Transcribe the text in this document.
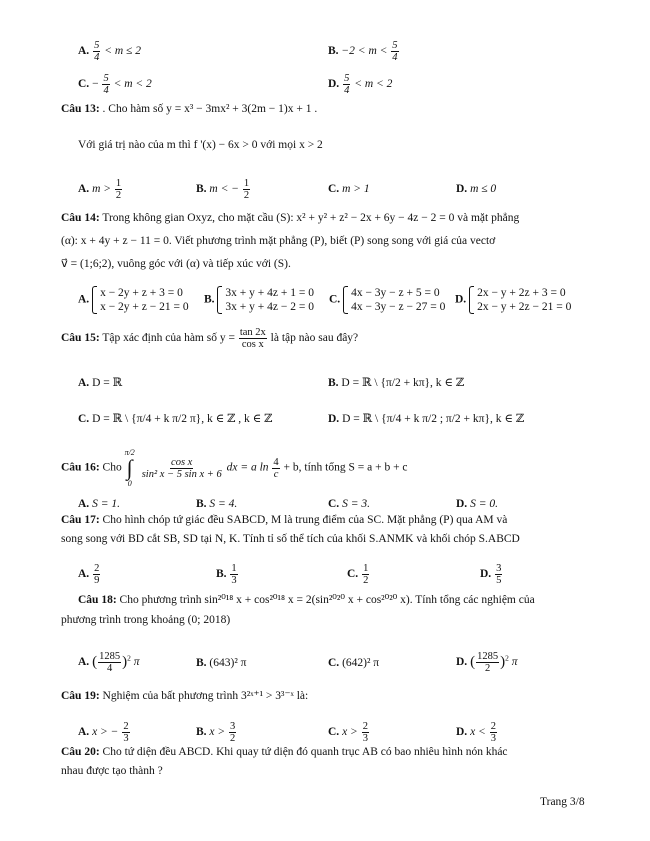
A. $\frac{5}{4} < m \le 2$	B. $-2 < m < \frac{5}{4}$
C. − $\frac{5}{4} < m < 2$	D. $\frac{5}{4} < m < 2$
Câu 13: . Cho hàm số y = x³ − 3mx² + 3(2m − 1)x + 1 .
Với giá trị nào của m thì f '(x) − 6x > 0 với mọi x > 2
A. $m > \frac{1}{2}$	B. m < − $\frac{1}{2}$	C. m > 1	D. m ≤ 0
Câu 14: Trong không gian Oxyz, cho mặt cầu (S): x² + y² + z² − 2x + 6y − 4z − 2 = 0 và mặt phẳng
(α): x + 4y + z − 11 = 0. Viết phương trình mặt phẳng (P), biết (P) song song với giá của vectơ
v⃗ = (1;6;2), vuông góc với (α) và tiếp xúc với (S).
A.
x − 2y + z + 3 = 0
x − 2y + z − 21 = 0
B.
3x + y + 4z + 1 = 0
3x + y + 4z − 2 = 0
C.
4x − 3y − z + 5 = 0
4x − 3y − z − 27 = 0
D.
2x − y + 2z + 3 = 0
2x − y + 2z − 21 = 0
Câu 15: Tập xác định của hàm số $y = \frac{\tan 2x}{\text{cos x}}$ là tập nào sau đây?
A. D = ℝ	B. D = ℝ \ {π/2 + kπ}, k ∈ ℤ
C. D = ℝ \ {π/4 + k π/2 π}, k ∈ ℤ , k ∈ ℤ	D. D = ℝ \ {π/4 + k π/2 ; π/2 + kπ}, k ∈ ℤ
Câu 16: Cho
π/2
∫
0

$\frac{\text{cos x}}{\text{sin² x − 5 sin x + 6}}$ dx = a $\ln \frac{4}{c} + b$, tính tổng S = a + b + c
A. S = 1.	B. S = 4.	C. S = 3.	D. S = 0.
Câu 17: Cho hình chóp tứ giác đều SABCD, M là trung điểm của SC. Mặt phẳng (P) qua AM và
song song với BD cắt SB, SD tại N, K. Tính tỉ số thể tích của khối S.ANMK và khối chóp S.ABCD
A. $\frac{2}{9}$	B. $\frac{1}{3}$	C. $\frac{1}{2}$	D. $\frac{3}{5}$
Câu 18: Cho phương trình sin²⁰¹⁸ x + cos²⁰¹⁸ x = 2(sin²⁰²⁰ x + cos²⁰²⁰ x). Tính tổng các nghiệm của
phương trình trong khoảng (0; 2018)
A. ( $\frac{1285}{4} )^2$ π	B. (643)² π	C. (642)² π	D. ( $\frac{1285}{2} )^2$ π
Câu 19: Nghiệm của bất phương trình 3²ˣ⁺¹ > 3³⁻ˣ là:
A. x > − $\frac{2}{3}$	B. $x > \frac{3}{2}$	C. $x > \frac{2}{3}$	D. $x < \frac{2}{3}$
Câu 20: Cho tứ diện đều ABCD. Khi quay tứ diện đó quanh trục AB có bao nhiêu hình nón khác
nhau được tạo thành ?
Trang 3/8
